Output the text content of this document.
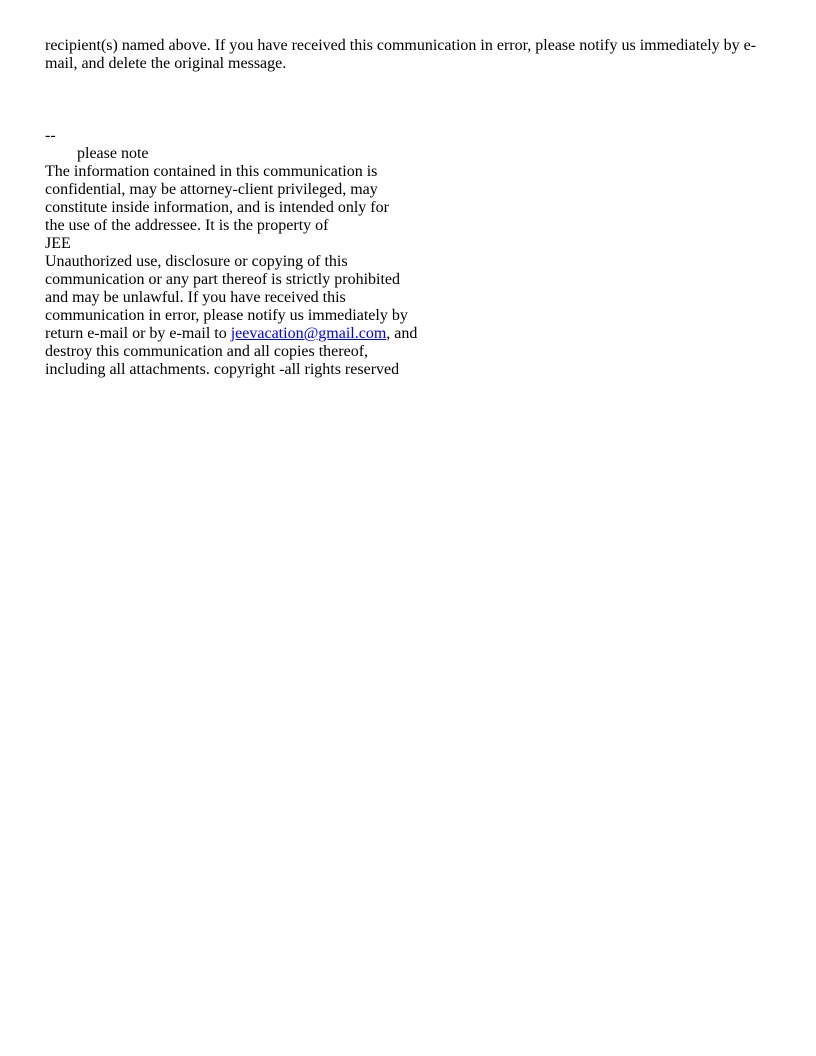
recipient(s) named above. If you have received this communication in error, please notify us immediately by e-
mail, and delete the original message.

--
please note
The information contained in this communication is
confidential, may be attorney-client privileged, may
constitute inside information, and is intended only for
the use of the addressee. It is the property of
JEE
Unauthorized use, disclosure or copying of this
communication or any part thereof is strictly prohibited
and may be unlawful. If you have received this
communication in error, please notify us immediately by
return e-mail or by e-mail to jeevacation@gmail.com, and
destroy this communication and all copies thereof,
including all attachments. copyright -all rights reserved
